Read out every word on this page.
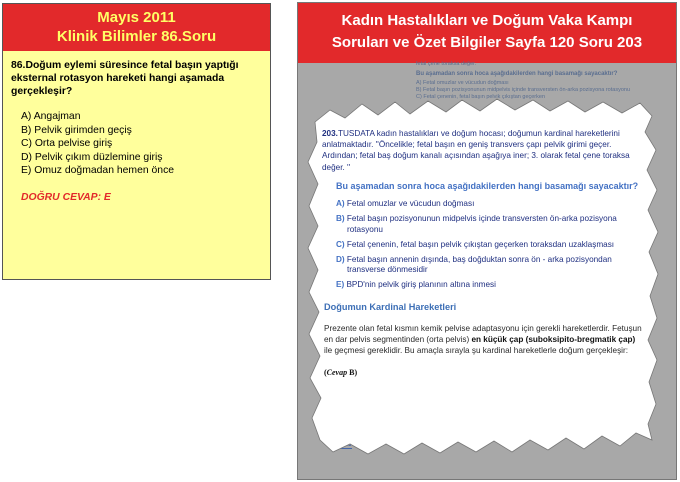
Mayıs 2011
Klinik Bilimler 86.Soru
86.Doğum eylemi süresince fetal başın yaptığı eksternal rotasyon hareketi hangi aşamada gerçekleşir?
A) Angajman
B) Pelvik girimden geçiş
C) Orta pelvise giriş
D) Pelvik çıkım düzlemine giriş
E) Omuz doğmadan hemen önce
DOĞRU CEVAP: E
Kadın Hastalıkları ve Doğum Vaka Kampı
Soruları ve Özet Bilgiler Sayfa 120 Soru 203
fetal çene toraksa değer.
Bu aşamadan sonra hoca aşağıdakilerden hangi basamağı sayacaktır?
A) Fetal omuzlar ve vücudun doğması
B) Fetal başın pozisyonunun midpelvis içinde transversten ön-arka pozisyona rotasyonu
C) Fetal çenenin, fetal başın pelvik çıkıştan geçerken
203.TUSDATA kadın hastalıkları ve doğum hocası; doğumun kardinal hareketlerini anlatmaktadır. ''Öncelikle; fetal başın en geniş transvers çapı pelvik girimi geçer. Ardından; fetal baş doğum kanalı açısından aşağıya iner; 3. olarak fetal çene toraksa değer. ''
Bu aşamadan sonra hoca aşağıdakilerden hangi basamağı sayacaktır?
A) Fetal omuzlar ve vücudun doğması
B) Fetal başın pozisyonunun midpelvis içinde transversten ön-arka pozisyona rotasyonu
C) Fetal çenenin, fetal başın pelvik çıkıştan geçerken toraksdan uzaklaşması
D) Fetal başın annenin dışında, baş doğduktan sonra ön - arka pozisyondan transverse dönmesidir
E) BPD'nin pelvik giriş planının altına inmesi
Doğumun Kardinal Hareketleri
Prezente olan fetal kısmın kemik pelvise adaptasyonu için gerekli hareketlerdir. Fetuşun en dar pelvis segmentinden (orta pelvis) en küçük çap (suboksipito-bregmatik çap) ile geçmesi gereklidir. Bu amaçla sırayla şu kardinal hareketlerle doğum gerçekleşir:
(Cevap B)
